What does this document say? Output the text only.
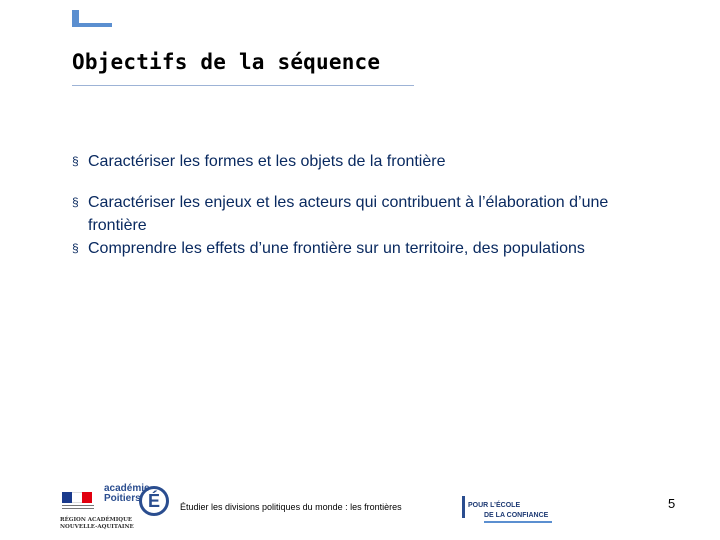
Objectifs de la séquence
§ Caractériser les formes et les objets de la frontière
§ Caractériser les enjeux et les acteurs qui contribuent à l’élaboration d’une frontière
§ Comprendre les effets d’une frontière sur un territoire, des populations
académie
Poitiers É
RÉGION ACADÉMIQUE
NOUVELLE-AQUITAINE
Étudier les divisions politiques du monde : les frontières	POUR L’ÉCOLE
DE LA CONFIANCE
5
